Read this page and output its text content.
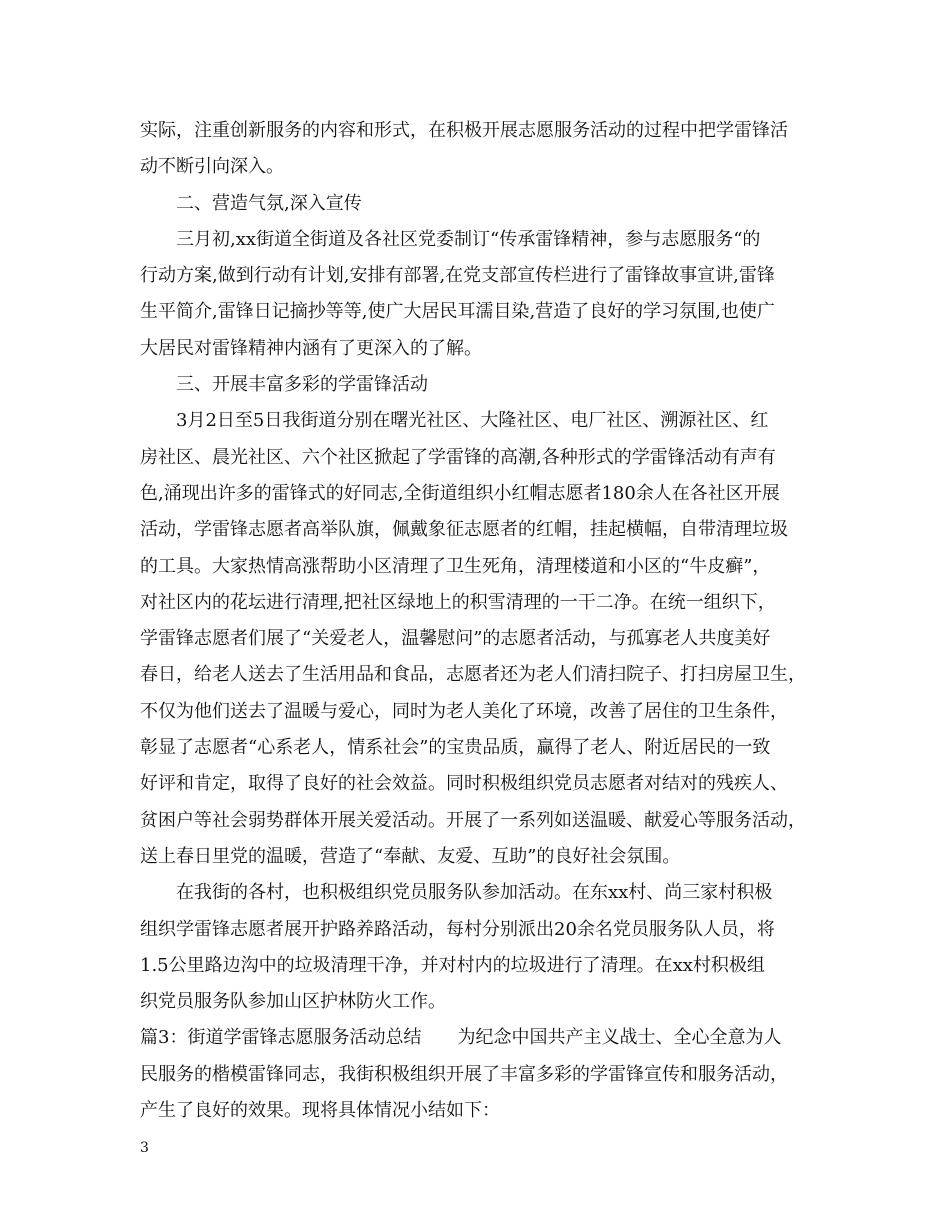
实际，注重创新服务的内容和形式，在积极开展志愿服务活动的过程中把学雷锋活
动不断引向深入。
二、营造气氛,深入宣传
三月初,xx街道全街道及各社区党委制订“传承雷锋精神，参与志愿服务“的
行动方案,做到行动有计划,安排有部署,在党支部宣传栏进行了雷锋故事宣讲,雷锋
生平简介,雷锋日记摘抄等等,使广大居民耳濡目染,营造了良好的学习氛围,也使广
大居民对雷锋精神内涵有了更深入的了解。
三、开展丰富多彩的学雷锋活动
3月2日至5日我街道分别在曙光社区、大隆社区、电厂社区、溯源社区、红
房社区、晨光社区、六个社区掀起了学雷锋的高潮,各种形式的学雷锋活动有声有
色,涌现出许多的雷锋式的好同志,全街道组织小红帽志愿者180余人在各社区开展
活动，学雷锋志愿者高举队旗，佩戴象征志愿者的红帽，挂起横幅，自带清理垃圾
的工具。大家热情高涨帮助小区清理了卫生死角，清理楼道和小区的“牛皮癣”，
对社区内的花坛进行清理,把社区绿地上的积雪清理的一干二净。在统一组织下，
学雷锋志愿者们展了“关爱老人，温馨慰问”的志愿者活动，与孤寡老人共度美好
春日，给老人送去了生活用品和食品，志愿者还为老人们清扫院子、打扫房屋卫生，
不仅为他们送去了温暖与爱心，同时为老人美化了环境，改善了居住的卫生条件，
彰显了志愿者“心系老人，情系社会”的宝贵品质，赢得了老人、附近居民的一致
好评和肯定，取得了良好的社会效益。同时积极组织党员志愿者对结对的残疾人、
贫困户等社会弱势群体开展关爱活动。开展了一系列如送温暖、献爱心等服务活动，
送上春日里党的温暖，营造了“奉献、友爱、互助”的良好社会氛围。
在我街的各村，也积极组织党员服务队参加活动。在东xx村、尚三家村积极
组织学雷锋志愿者展开护路养路活动，每村分别派出20余名党员服务队人员，将
1.5公里路边沟中的垃圾清理干净，并对村内的垃圾进行了清理。在xx村积极组
织党员服务队参加山区护林防火工作。
篇3：街道学雷锋志愿服务活动总结　　为纪念中国共产主义战士、全心全意为人
民服务的楷模雷锋同志，我街积极组织开展了丰富多彩的学雷锋宣传和服务活动，
产生了良好的效果。现将具体情况小结如下：
3
